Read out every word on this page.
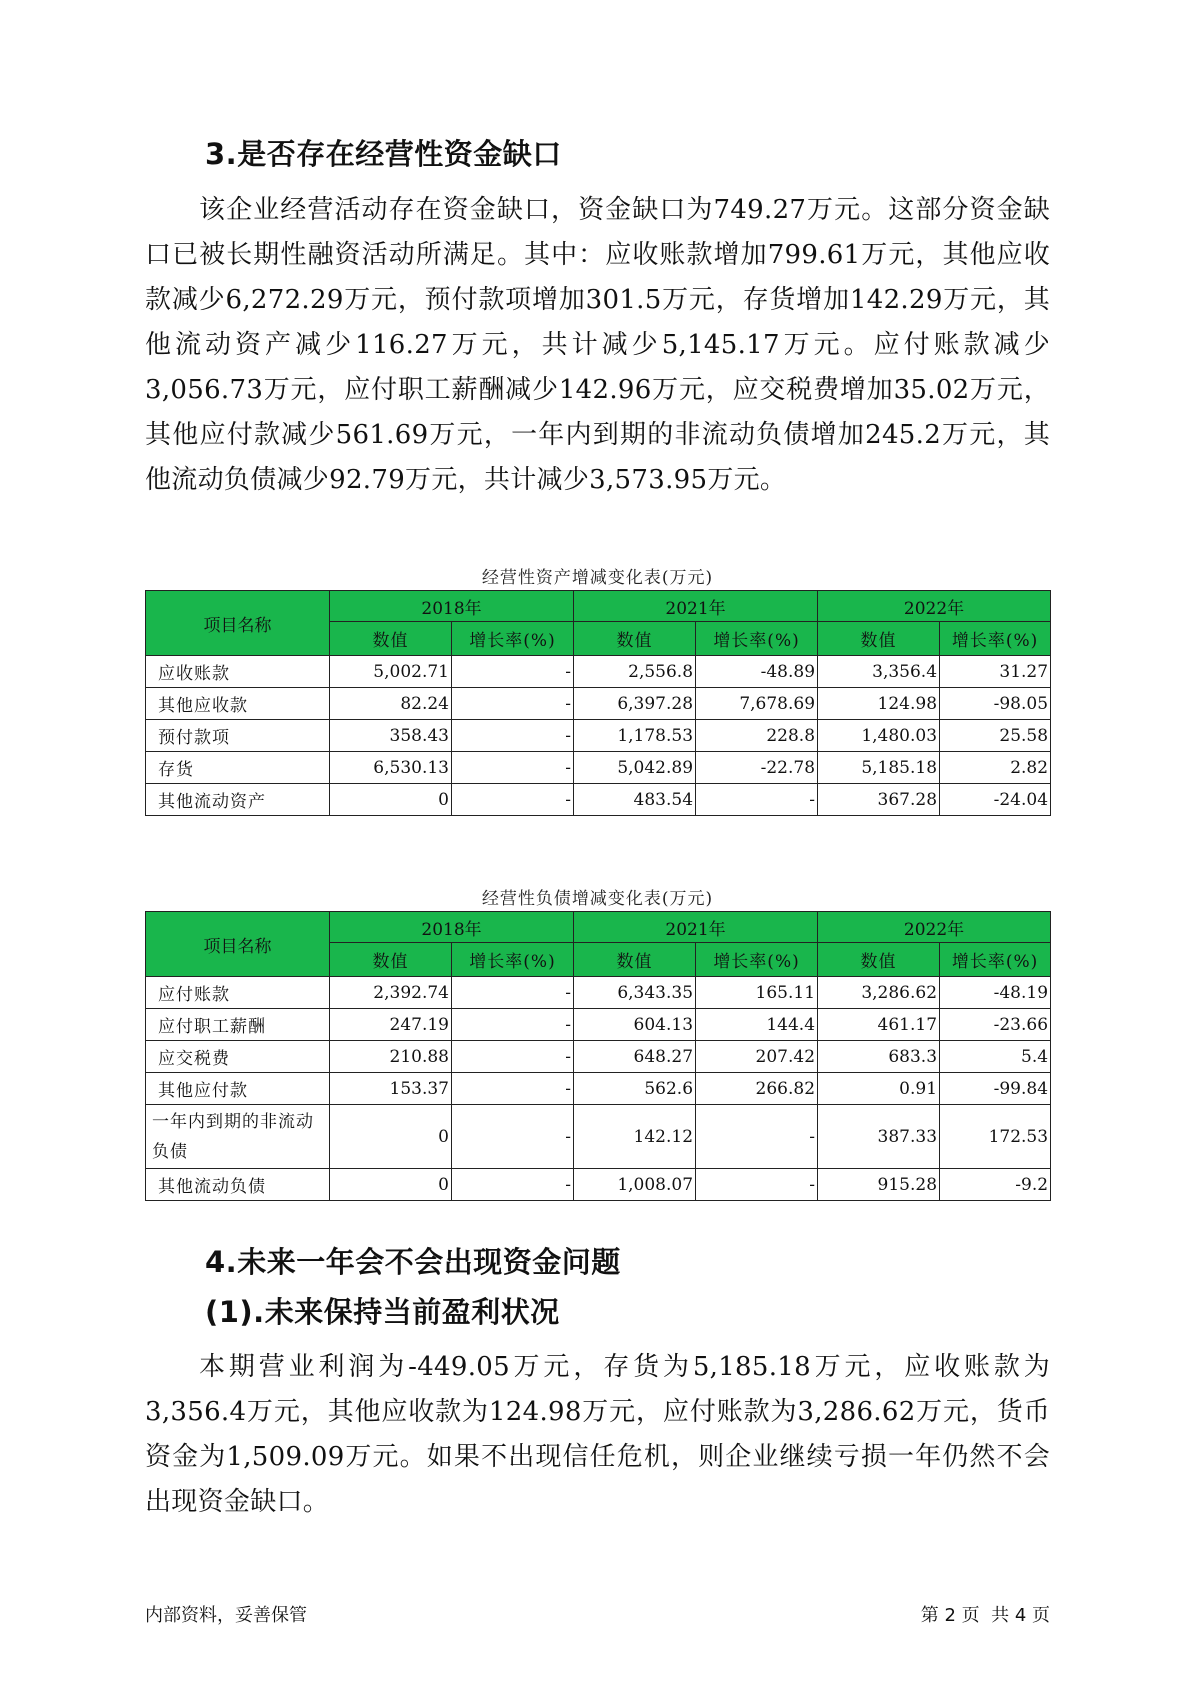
3.是否存在经营性资金缺口

该企业经营活动存在资金缺口，资金缺口为749.27万元。这部分资金缺口已被长期性融资活动所满足。其中：应收账款增加799.61万元，其他应收款减少6,272.29万元，预付款项增加301.5万元，存货增加142.29万元，其他流动资产减少116.27万元，共计减少5,145.17万元。应付账款减少3,056.73万元，应付职工薪酬减少142.96万元，应交税费增加35.02万元，其他应付款减少561.69万元，一年内到期的非流动负债增加245.2万元，其他流动负债减少92.79万元，共计减少3,573.95万元。

经营性资产增减变化表(万元)
项目名称	2018年		2021年		2022年	
	数值	增长率(%)	数值	增长率(%)	数值	增长率(%)
应收账款	5,002.71	-	2,556.8	-48.89	3,356.4	31.27
其他应收款	82.24	-	6,397.28	7,678.69	124.98	-98.05
预付款项	358.43	-	1,178.53	228.8	1,480.03	25.58
存货	6,530.13	-	5,042.89	-22.78	5,185.18	2.82
其他流动资产	0	-	483.54	-	367.28	-24.04
经营性负债增减变化表(万元)
项目名称	2018年		2021年		2022年	
	数值	增长率(%)	数值	增长率(%)	数值	增长率(%)
应付账款	2,392.74	-	6,343.35	165.11	3,286.62	-48.19
应付职工薪酬	247.19	-	604.13	144.4	461.17	-23.66
应交税费	210.88	-	648.27	207.42	683.3	5.4
其他应付款	153.37	-	562.6	266.82	0.91	-99.84
一年内到期的非流动负债	0	-	142.12	-	387.33	172.53
其他流动负债	0	-	1,008.07	-	915.28	-9.2
4.未来一年会不会出现资金问题
(1).未来保持当前盈利状况

本期营业利润为-449.05万元，存货为5,185.18万元，应收账款为3,356.4万元，其他应收款为124.98万元，应付账款为3,286.62万元，货币资金为1,509.09万元。如果不出现信任危机，则企业继续亏损一年仍然不会出现资金缺口。

内部资料，妥善保管	第 2 页  共 4 页
